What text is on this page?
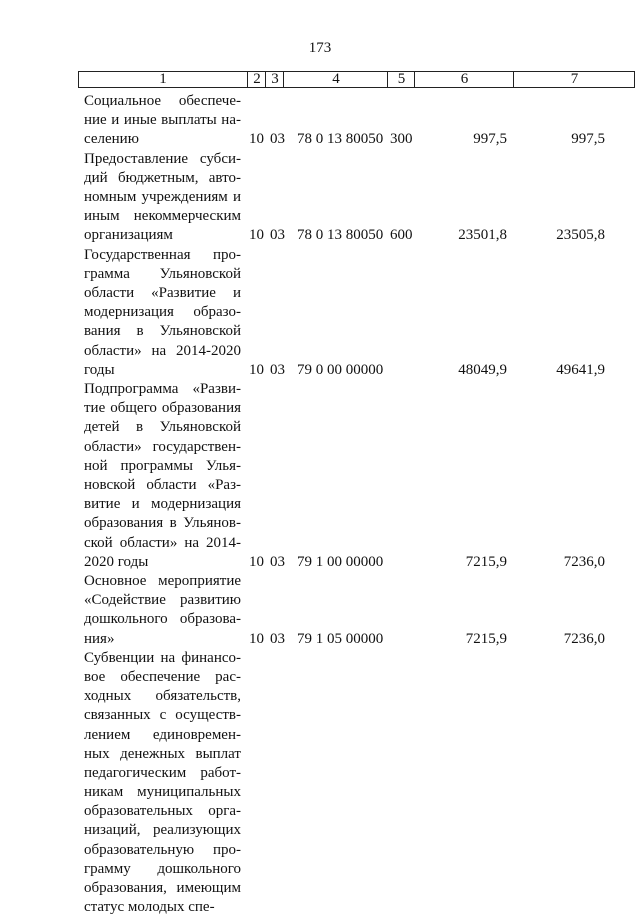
173
1	2 3	4	5	6	7
Социальное обеспече-
ние и иные выплаты на-
селению	10 03 78 0 13 80050 300	997,5	997,5
Предоставление субси-
дий бюджетным, авто-
номным учреждениям и
иным некоммерческим
организациям	10 03 78 0 13 80050 600	23501,8	23505,8
Государственная про-
грамма Ульяновской
области «Развитие и
модернизация образо-
вания в Ульяновской
области» на 2014-2020
годы	10 03 79 0 00 00000	48049,9	49641,9
Подпрограмма «Разви-
тие общего образования
детей в Ульяновской
области» государствен-
ной программы Улья-
новской области «Раз-
витие и модернизация
образования в Ульянов-
ской области» на 2014-
2020 годы	10 03 79 1 00 00000	7215,9	7236,0
Основное мероприятие
«Содействие развитию
дошкольного образова-
ния»	10 03 79 1 05 00000	7215,9	7236,0
Субвенции на финансо-
вое обеспечение рас-
ходных обязательств,
связанных с осуществ-
лением единовремен-
ных денежных выплат
педагогическим работ-
никам муниципальных
образовательных орга-
низаций, реализующих
образовательную про-
грамму дошкольного
образования, имеющим
статус молодых спе-
